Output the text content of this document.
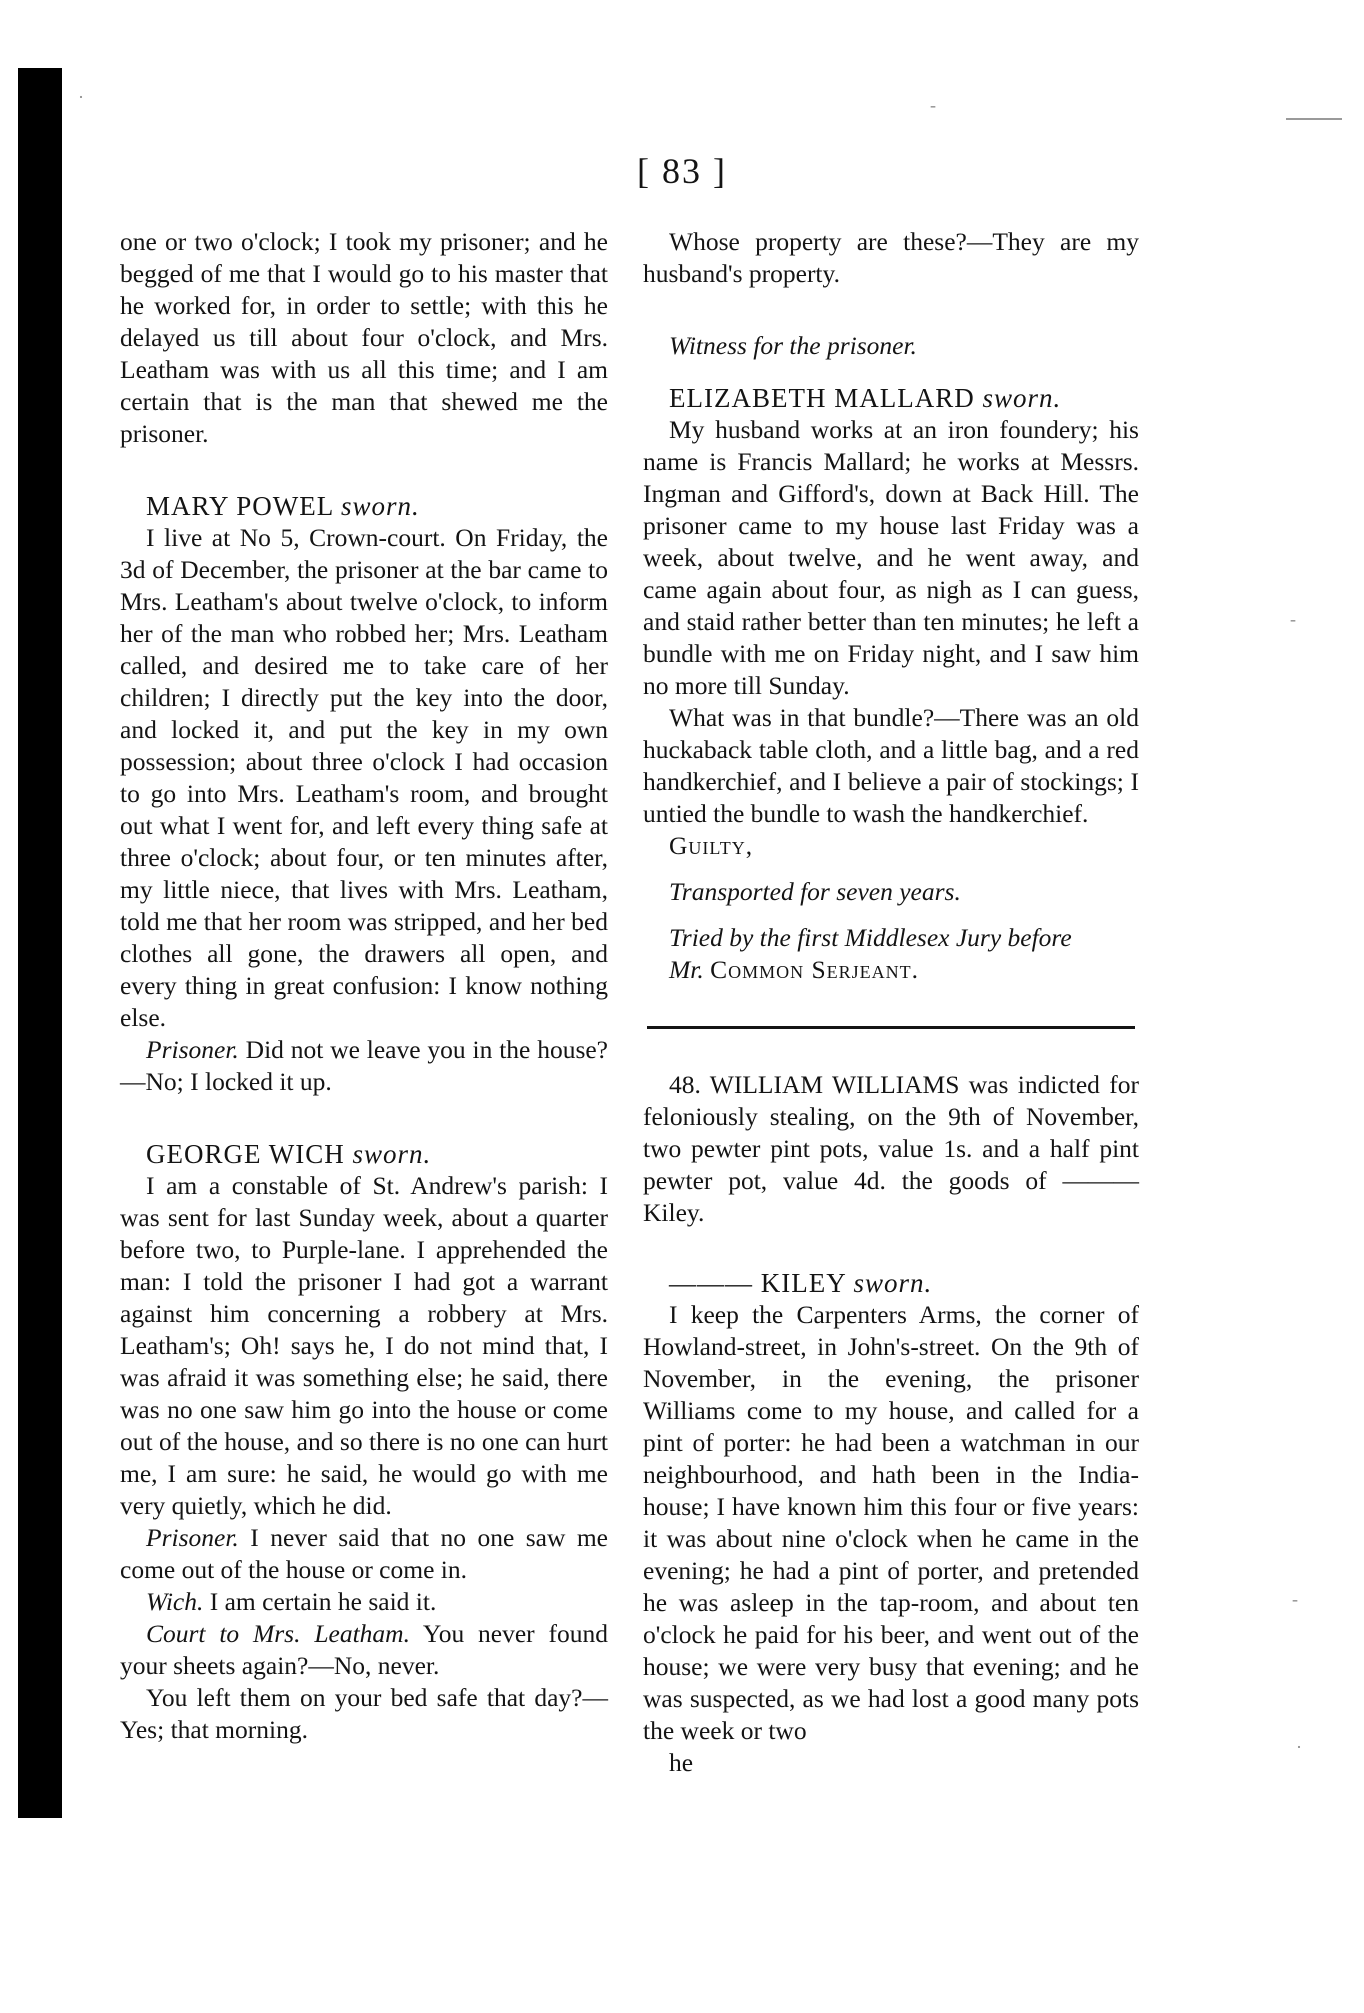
·	-
-
-
·
[ 83 ]

one or two o'clock; I took my prisoner; and he begged of me that I would go to his master that he worked for, in order to settle; with this he delayed us till about four o'clock, and Mrs. Leatham was with us all this time; and I am certain that is the man that shewed me the prisoner.

MARY POWEL sworn.

I live at No 5, Crown-court. On Friday, the 3d of December, the prisoner at the bar came to Mrs. Leatham's about twelve o'clock, to inform her of the man who robbed her; Mrs. Leatham called, and desired me to take care of her children; I directly put the key into the door, and locked it, and put the key in my own possession; about three o'clock I had occasion to go into Mrs. Leatham's room, and brought out what I went for, and left every thing safe at three o'clock; about four, or ten minutes after, my little niece, that lives with Mrs. Leatham, told me that her room was stripped, and her bed clothes all gone, the drawers all open, and every thing in great confusion: I know nothing else.

Prisoner. Did not we leave you in the house?—No; I locked it up.

GEORGE WICH sworn.

I am a constable of St. Andrew's parish: I was sent for last Sunday week, about a quarter before two, to Purple-lane. I apprehended the man: I told the prisoner I had got a warrant against him concerning a robbery at Mrs. Leatham's; Oh! says he, I do not mind that, I was afraid it was something else; he said, there was no one saw him go into the house or come out of the house, and so there is no one can hurt me, I am sure: he said, he would go with me very quietly, which he did.

Prisoner. I never said that no one saw me come out of the house or come in.

Wich. I am certain he said it.

Court to Mrs. Leatham. You never found your sheets again?—No, never.

You left them on your bed safe that day?—Yes; that morning.

Whose property are these?—They are my husband's property.

Witness for the prisoner.

ELIZABETH MALLARD sworn.

My husband works at an iron foundery; his name is Francis Mallard; he works at Messrs. Ingman and Gifford's, down at Back Hill. The prisoner came to my house last Friday was a week, about twelve, and he went away, and came again about four, as nigh as I can guess, and staid rather better than ten minutes; he left a bundle with me on Friday night, and I saw him no more till Sunday.

What was in that bundle?—There was an old huckaback table cloth, and a little bag, and a red handkerchief, and I believe a pair of stockings; I untied the bundle to wash the handkerchief.

Guilty,

Transported for seven years.

Tried by the first Middlesex Jury before

Mr. Common Serjeant.

48. WILLIAM WILLIAMS was indicted for feloniously stealing, on the 9th of November, two pewter pint pots, value 1s. and a half pint pewter pot, value 4d. the goods of ——— Kiley.

——— KILEY sworn.

I keep the Carpenters Arms, the corner of Howland-street, in John's-street. On the 9th of November, in the evening, the prisoner Williams come to my house, and called for a pint of porter: he had been a watchman in our neighbourhood, and hath been in the India-house; I have known him this four or five years: it was about nine o'clock when he came in the evening; he had a pint of porter, and pretended he was asleep in the tap-room, and about ten o'clock he paid for his beer, and went out of the house; we were very busy that evening; and he was suspected, as we had lost a good many pots the week or two

he
